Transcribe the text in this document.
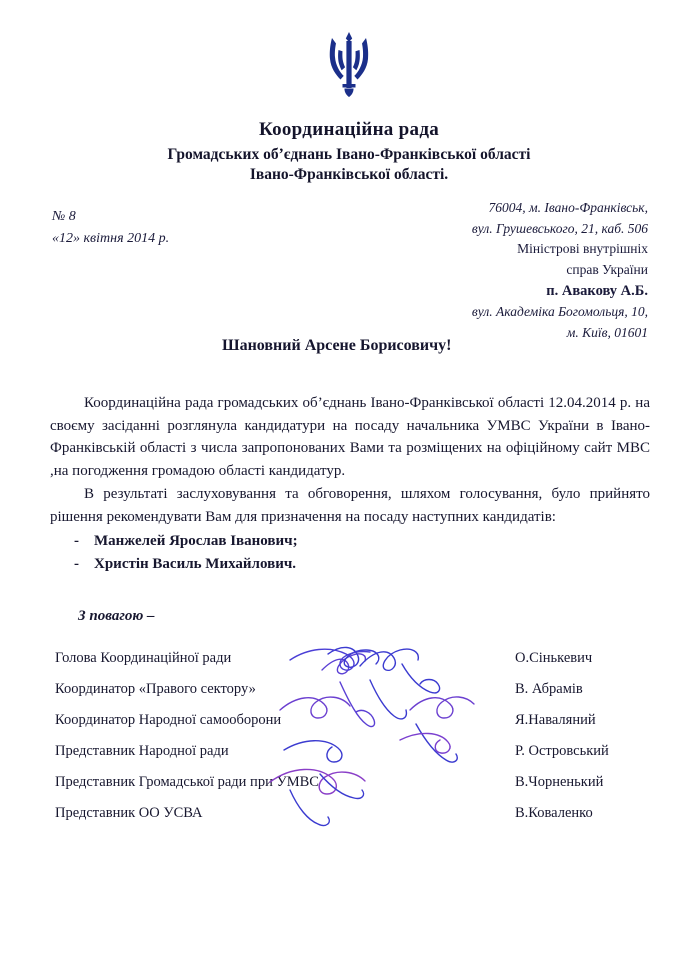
Координаційна рада
Громадських об’єднань Івано-Франківської області
Івано-Франківської області.
№ 8
«12» квітня 2014 р.
76004, м. Івано-Франківськ,
вул. Грушевського, 21, каб. 506
Міністрові внутрішніх
справ України
п. Авакову А.Б.
вул. Академіка Богомольця, 10,
м. Київ, 01601
Шановний Арсене Борисовичу!

Координаційна рада громадських об’єднань Івано-Франківської області 12.04.2014 р. на своєму засіданні розглянула кандидатури на посаду начальника УМВС України в Івано-Франківській області з числа запропонованих Вами та розміщених на офіційному сайт МВС ,на погодження громадою області кандидатур.

В результаті заслуховування та обговорення, шляхом голосування, було прийнято рішення рекомендувати Вам для призначення на посаду наступних кандидатів:

- Манжелей Ярослав Іванович;
- Христін Василь Михайлович.
З повагою –
Голова Координаційної ради	О.Сінькевич
Координатор «Правого сектору»	В. Абрамів
Координатор Народної самооборони	Я.Наваляний
Представник Народної ради	Р. Островський
Представник Громадської ради при УМВС	В.Чорненький
Представник ОО УСВА	В.Коваленко
